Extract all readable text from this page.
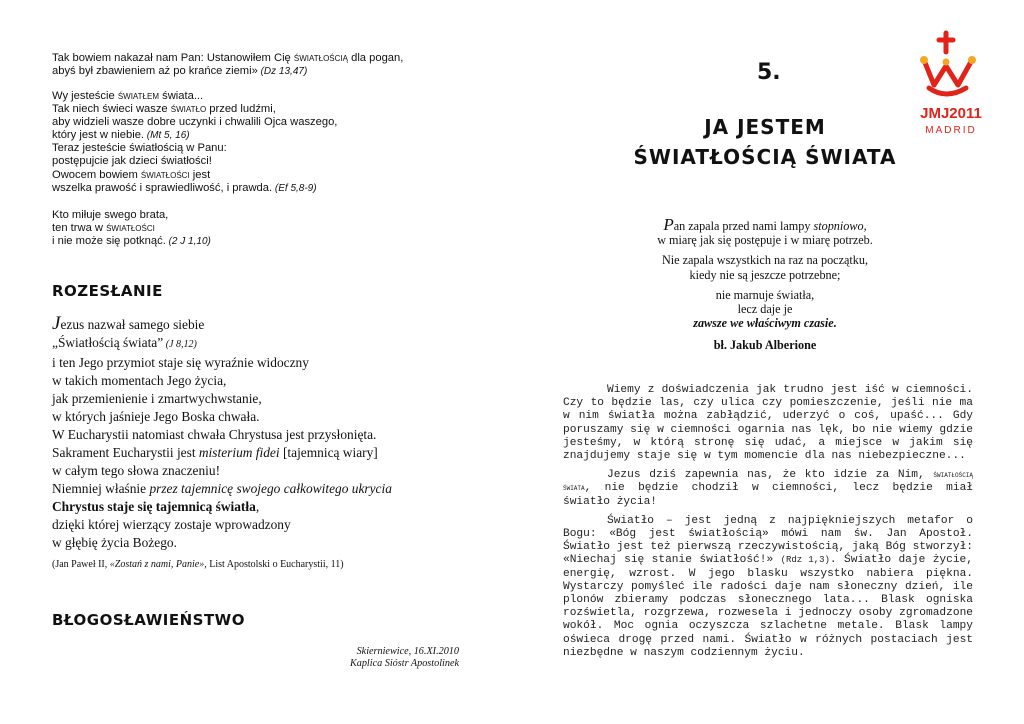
Tak bowiem nakazał nam Pan: Ustanowiłem Cię światłością dla pogan,

abyś był zbawieniem aż po krańce ziemi» (Dz 13,47)

Wy jesteście światłem świata...

Tak niech świeci wasze światło przed ludźmi,

aby widzieli wasze dobre uczynki i chwalili Ojca waszego,

który jest w niebie. (Mt 5, 16)

Teraz jesteście światłością w Panu:

postępujcie jak dzieci światłości!

Owocem bowiem światłości jest

wszelka prawość i sprawiedliwość, i prawda. (Ef 5,8-9)

Kto miłuje swego brata,

ten trwa w światłości

i nie może się potknąć. (2 J 1,10)

ROZESŁANIE

Jezus nazwał samego siebie

„Światłością świata” (J 8,12)

i ten Jego przymiot staje się wyraźnie widoczny

w takich momentach Jego życia,

jak przemienienie i zmartwychwstanie,

w których jaśnieje Jego Boska chwała.

W Eucharystii natomiast chwała Chrystusa jest przysłonięta.

Sakrament Eucharystii jest misterium fidei [tajemnicą wiary]

w całym tego słowa znaczeniu!

Niemniej właśnie przez tajemnicę swojego całkowitego ukrycia

Chrystus staje się tajemnicą światła,

dzięki której wierzący zostaje wprowadzony

w głębię życia Bożego.

(Jan Paweł II, «Zostań z nami, Panie», List Apostolski o Eucharystii, 11)

BŁOGOSŁAWIEŃSTWO
Skierniewice, 16.XI.2010
Kaplica Sióstr Apostolinek
5.
JMJ2011
MADRID
JA JESTEM
ŚWIATŁOŚCIĄ ŚWIATA

Pan zapala przed nami lampy stopniowo,
w miarę jak się postępuje i w miarę potrzeb.

Nie zapala wszystkich na raz na początku,
kiedy nie są jeszcze potrzebne;

nie marnuje światła,
lecz daje je
zawsze we właściwym czasie.

bł. Jakub Alberione

Wiemy z doświadczenia jak trudno jest iść w ciemności. Czy to będzie las, czy ulica czy pomieszczenie, jeśli nie ma w nim światła można zabłądzić, uderzyć o coś, upaść... Gdy poruszamy się w ciemności ogarnia nas lęk, bo nie wiemy gdzie jesteśmy, w którą stronę się udać, a miejsce w jakim się znajdujemy staje się w tym momencie dla nas niebezpieczne...

Jezus dziś zapewnia nas, że kto idzie za Nim, światłością świata, nie będzie chodził w ciemności, lecz będzie miał światło życia!

Światło – jest jedną z najpiękniejszych metafor o Bogu: «Bóg jest światłością» mówi nam św. Jan Apostoł. Światło jest też pierwszą rzeczywistością, jaką Bóg stworzył: «Niechaj się stanie światłość!» (Rdz 1,3). Światło daje życie, energię, wzrost. W jego blasku wszystko nabiera piękna. Wystarczy pomyśleć ile radości daje nam słoneczny dzień, ile plonów zbieramy podczas słonecznego lata... Blask ogniska rozświetla, rozgrzewa, rozwesela i jednoczy osoby zgromadzone wokół. Moc ognia oczyszcza szlachetne metale. Blask lampy oświeca drogę przed nami. Światło w różnych postaciach jest niezbędne w naszym codziennym życiu.
